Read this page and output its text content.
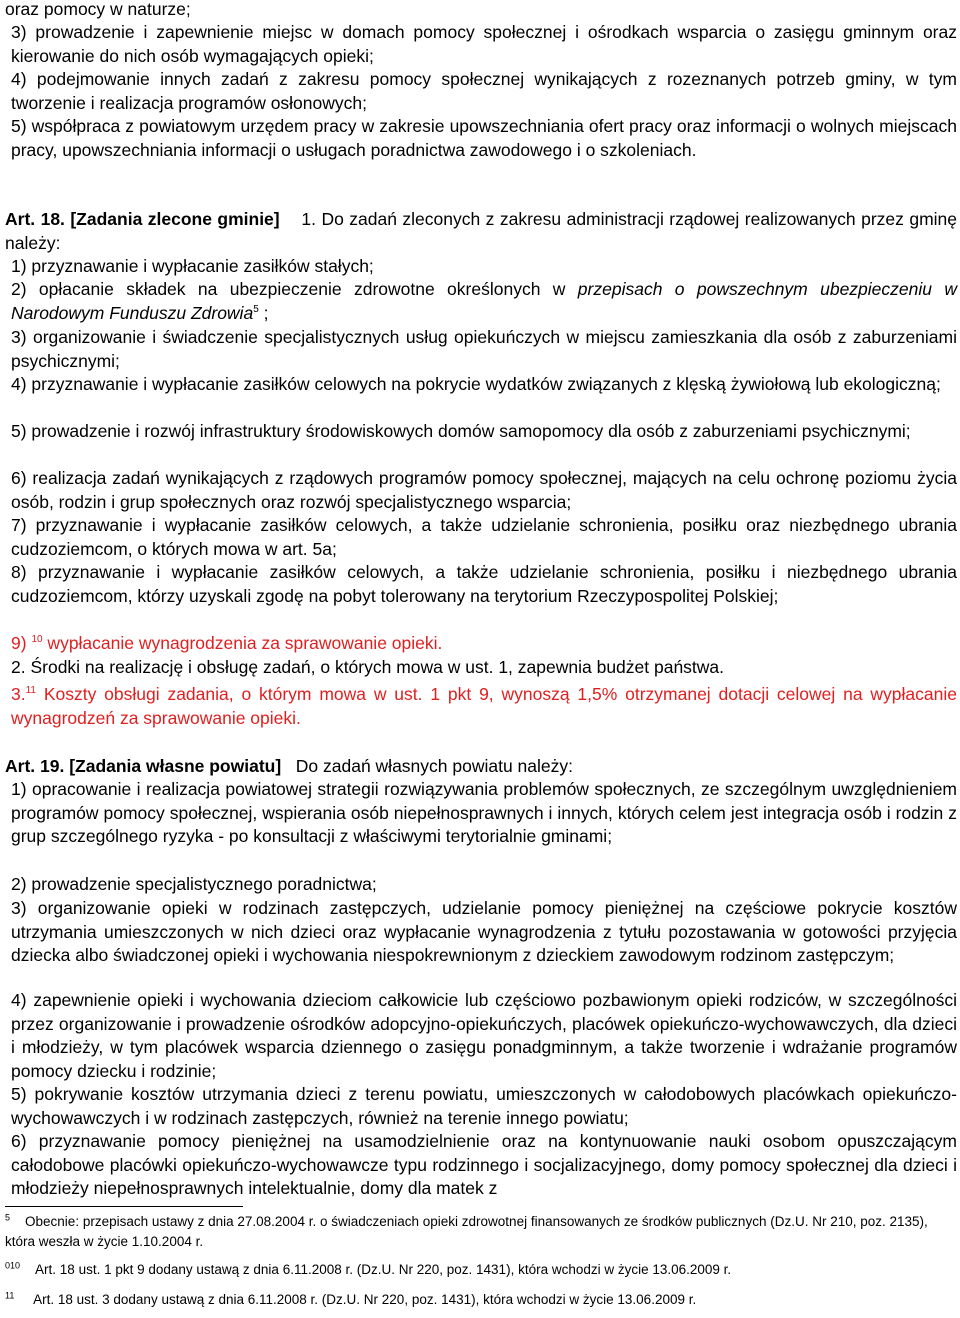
oraz pomocy w naturze;
3) prowadzenie i zapewnienie miejsc w domach pomocy społecznej i ośrodkach wsparcia o zasięgu gminnym oraz kierowanie do nich osób wymagających opieki;
4) podejmowanie innych zadań z zakresu pomocy społecznej wynikających z rozeznanych potrzeb gminy, w tym tworzenie i realizacja programów osłonowych;
5) współpraca z powiatowym urzędem pracy w zakresie upowszechniania ofert pracy oraz informacji o wolnych miejscach pracy, upowszechniania informacji o usługach poradnictwa zawodowego i o szkoleniach.
Art. 18. [Zadania zlecone gminie] 1. Do zadań zleconych z zakresu administracji rządowej realizowanych przez gminę należy:
1) przyznawanie i wypłacanie zasiłków stałych;
2) opłacanie składek na ubezpieczenie zdrowotne określonych w przepisach o powszechnym ubezpieczeniu w Narodowym Funduszu Zdrowia$^5$ ;
3) organizowanie i świadczenie specjalistycznych usług opiekuńczych w miejscu zamieszkania dla osób z zaburzeniami psychicznymi;
4) przyznawanie i wypłacanie zasiłków celowych na pokrycie wydatków związanych z klęską żywiołową lub ekologiczną;
5) prowadzenie i rozwój infrastruktury środowiskowych domów samopomocy dla osób z zaburzeniami psychicznymi;
6) realizacja zadań wynikających z rządowych programów pomocy społecznej, mających na celu ochronę poziomu życia osób, rodzin i grup społecznych oraz rozwój specjalistycznego wsparcia;
7) przyznawanie i wypłacanie zasiłków celowych, a także udzielanie schronienia, posiłku oraz niezbędnego ubrania cudzoziemcom, o których mowa w art. 5a;
8) przyznawanie i wypłacanie zasiłków celowych, a także udzielanie schronienia, posiłku i niezbędnego ubrania cudzoziemcom, którzy uzyskali zgodę na pobyt tolerowany na terytorium Rzeczypospolitej Polskiej;
9) $^{10}$ wypłacanie wynagrodzenia za sprawowanie opieki.
2. Środki na realizację i obsługę zadań, o których mowa w ust. 1, zapewnia budżet państwa.
3.11 Koszty obsługi zadania, o którym mowa w ust. 1 pkt 9, wynoszą 1,5% otrzymanej dotacji celowej na wypłacanie wynagrodzeń za sprawowanie opieki.
Art. 19. [Zadania własne powiatu] Do zadań własnych powiatu należy:
1) opracowanie i realizacja powiatowej strategii rozwiązywania problemów społecznych, ze szczególnym uwzględnieniem programów pomocy społecznej, wspierania osób niepełnosprawnych i innych, których celem jest integracja osób i rodzin z grup szczególnego ryzyka - po konsultacji z właściwymi terytorialnie gminami;
2) prowadzenie specjalistycznego poradnictwa;
3) organizowanie opieki w rodzinach zastępczych, udzielanie pomocy pieniężnej na częściowe pokrycie kosztów utrzymania umieszczonych w nich dzieci oraz wypłacanie wynagrodzenia z tytułu pozostawania w gotowości przyjęcia dziecka albo świadczonej opieki i wychowania niespokrewnionym z dzieckiem zawodowym rodzinom zastępczym;
4) zapewnienie opieki i wychowania dzieciom całkowicie lub częściowo pozbawionym opieki rodziców, w szczególności przez organizowanie i prowadzenie ośrodków adopcyjno-opiekuńczych, placówek opiekuńczo-wychowawczych, dla dzieci i młodzieży, w tym placówek wsparcia dziennego o zasięgu ponadgminnym, a także tworzenie i wdrażanie programów pomocy dziecku i rodzinie;
5) pokrywanie kosztów utrzymania dzieci z terenu powiatu, umieszczonych w całodobowych placówkach opiekuńczo-wychowawczych i w rodzinach zastępczych, również na terenie innego powiatu;
6) przyznawanie pomocy pieniężnej na usamodzielnienie oraz na kontynuowanie nauki osobom opuszczającym całodobowe placówki opiekuńczo-wychowawcze typu rodzinnego i socjalizacyjnego, domy pomocy społecznej dla dzieci i młodzieży niepełnosprawnych intelektualnie, domy dla matek z
$^5$ Obecnie: przepisach ustawy z dnia 27.08.2004 r. o świadczeniach opieki zdrowotnej finansowanych ze środków publicznych (Dz.U. Nr 210, poz. 2135), która weszła w życie 1.10.2004 r.
$^{010}$ Art. 18 ust. 1 pkt 9 dodany ustawą z dnia 6.11.2008 r. (Dz.U. Nr 220, poz. 1431), która wchodzi w życie 13.06.2009 r.
$^{11}$ Art. 18 ust. 3 dodany ustawą z dnia 6.11.2008 r. (Dz.U. Nr 220, poz. 1431), która wchodzi w życie 13.06.2009 r.
